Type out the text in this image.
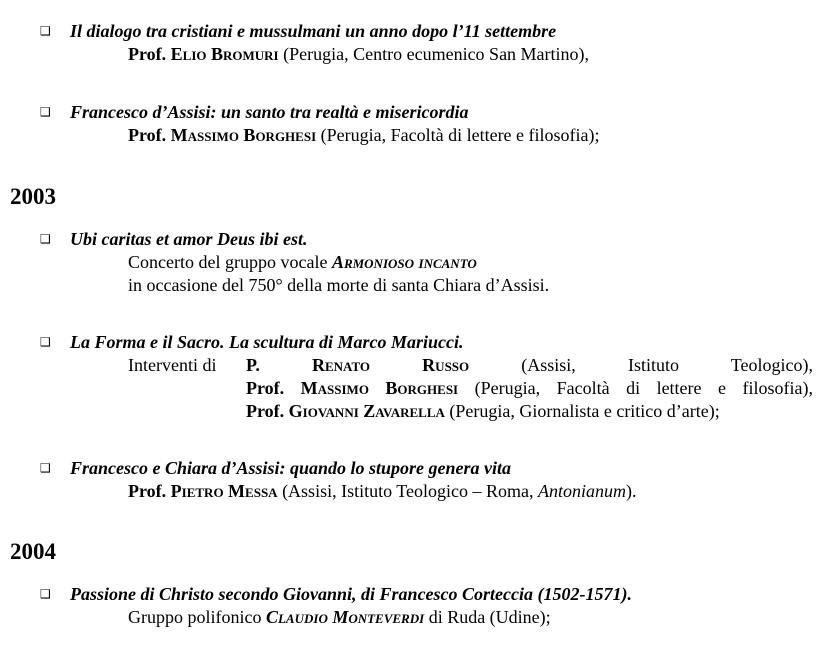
❑ Il dialogo tra cristiani e mussulmani un anno dopo l’11 settembre
Prof. Elio Bromuri (Perugia, Centro ecumenico San Martino),
❑ Francesco d’Assisi: un santo tra realtà e misericordia
Prof. Massimo Borghesi (Perugia, Facoltà di lettere e filosofia);
2003
❑ Ubi caritas et amor Deus ibi est.
Concerto del gruppo vocale Armonioso incanto
in occasione del 750° della morte di santa Chiara d’Assisi.
❑ La Forma e il Sacro. La scultura di Marco Mariucci.
Interventi di P. Renato Russo (Assisi, Istituto Teologico),
Prof. Massimo Borghesi (Perugia, Facoltà di lettere e filosofia),
Prof. Giovanni Zavarella (Perugia, Giornalista e critico d’arte);
❑ Francesco e Chiara d’Assisi: quando lo stupore genera vita
Prof. Pietro Messa (Assisi, Istituto Teologico – Roma, Antonianum).
2004
❑ Passione di Christo secondo Giovanni, di Francesco Corteccia (1502-1571).
Gruppo polifonico Claudio Monteverdi di Ruda (Udine);
